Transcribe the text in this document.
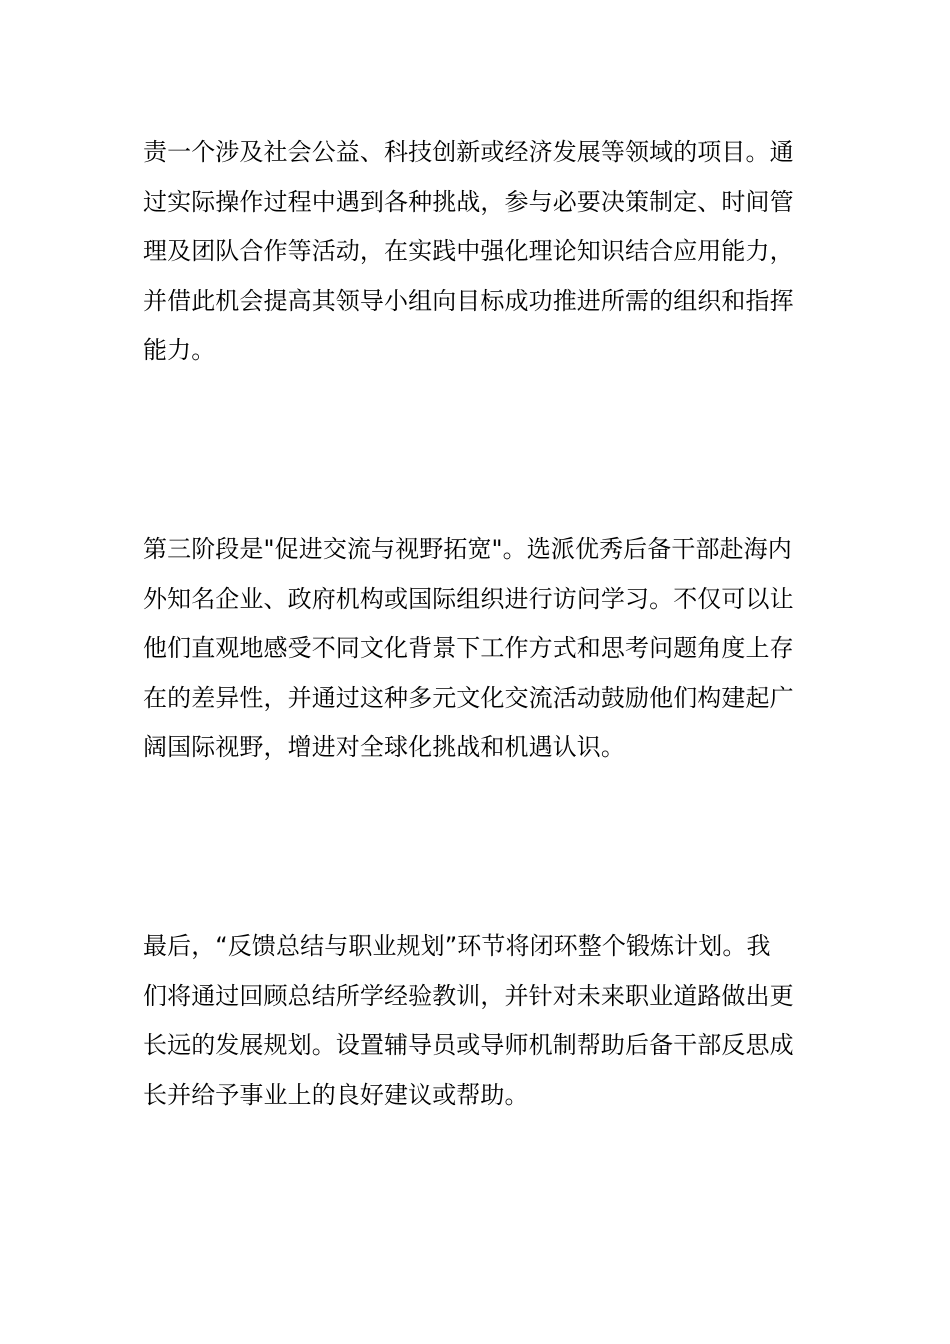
责一个涉及社会公益、科技创新或经济发展等领域的项目。通
过实际操作过程中遇到各种挑战，参与必要决策制定、时间管
理及团队合作等活动，在实践中强化理论知识结合应用能力，
并借此机会提高其领导小组向目标成功推进所需的组织和指挥
能力。

第三阶段是"促进交流与视野拓宽"。选派优秀后备干部赴海内
外知名企业、政府机构或国际组织进行访问学习。不仅可以让
他们直观地感受不同文化背景下工作方式和思考问题角度上存
在的差异性，并通过这种多元文化交流活动鼓励他们构建起广
阔国际视野，增进对全球化挑战和机遇认识。

最后，“反馈总结与职业规划”环节将闭环整个锻炼计划。我
们将通过回顾总结所学经验教训，并针对未来职业道路做出更
长远的发展规划。设置辅导员或导师机制帮助后备干部反思成
长并给予事业上的良好建议或帮助。
